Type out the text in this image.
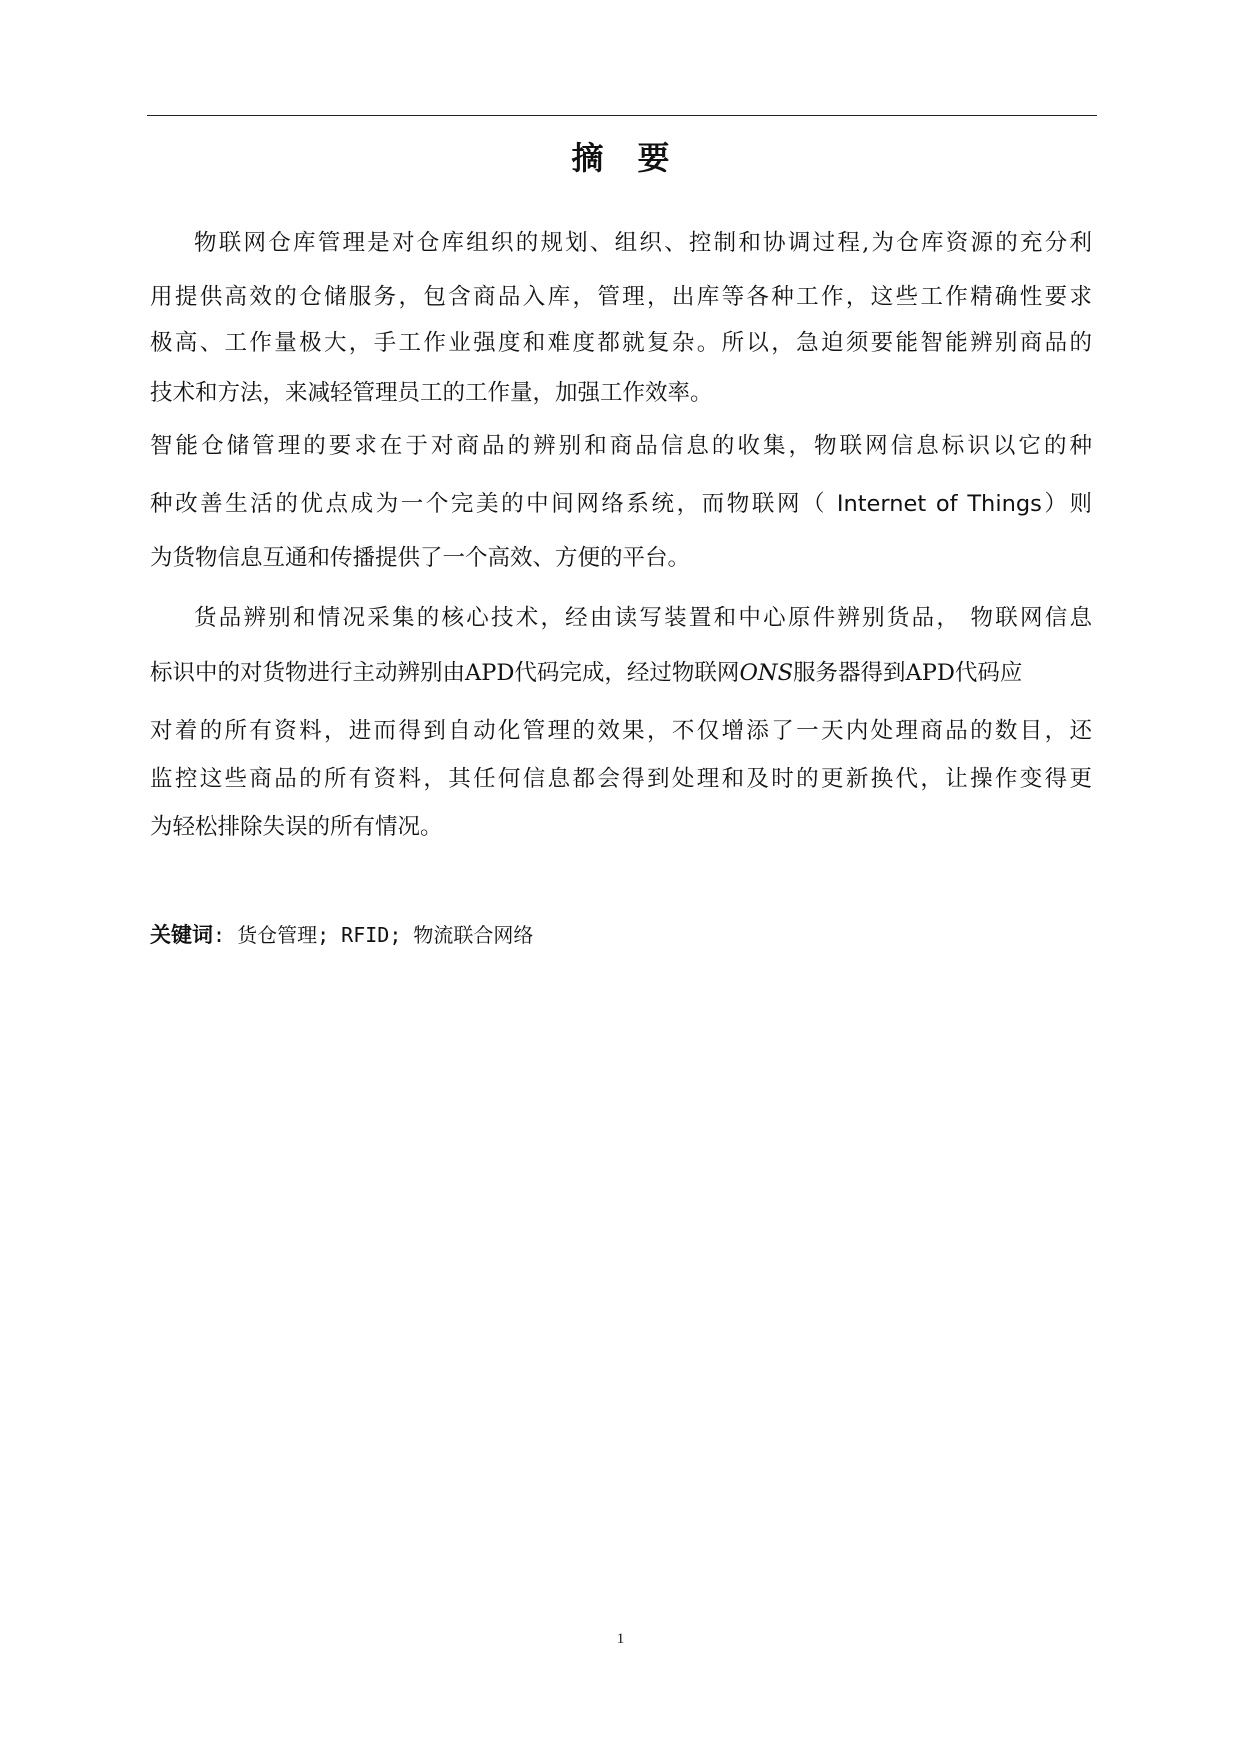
摘要

物联网仓库管理是对仓库组织的规划、组织、控制和协调过程,为仓库资源的充分利

用提供高效的仓储服务，包含商品入库，管理，出库等各种工作，这些工作精确性要求

极高、工作量极大，手工作业强度和难度都就复杂。所以，急迫须要能智能辨别商品的

技术和方法，来减轻管理员工的工作量，加强工作效率。

智能仓储管理的要求在于对商品的辨别和商品信息的收集，物联网信息标识以它的种

种改善生活的优点成为一个完美的中间网络系统，而物联网（ Internet of Things）则

为货物信息互通和传播提供了一个高效、方便的平台。

货品辨别和情况采集的核心技术，经由读写装置和中心原件辨别货品， 物联网信息

标识中的对货物进行主动辨别由APD代码完成，经过物联网ONS服务器得到APD代码应

对着的所有资料，进而得到自动化管理的效果，不仅增添了一天内处理商品的数目，还

监控这些商品的所有资料，其任何信息都会得到处理和及时的更新换代，让操作变得更

为轻松排除失误的所有情况。

关键词: 货仓管理; RFID; 物流联合网络

1
